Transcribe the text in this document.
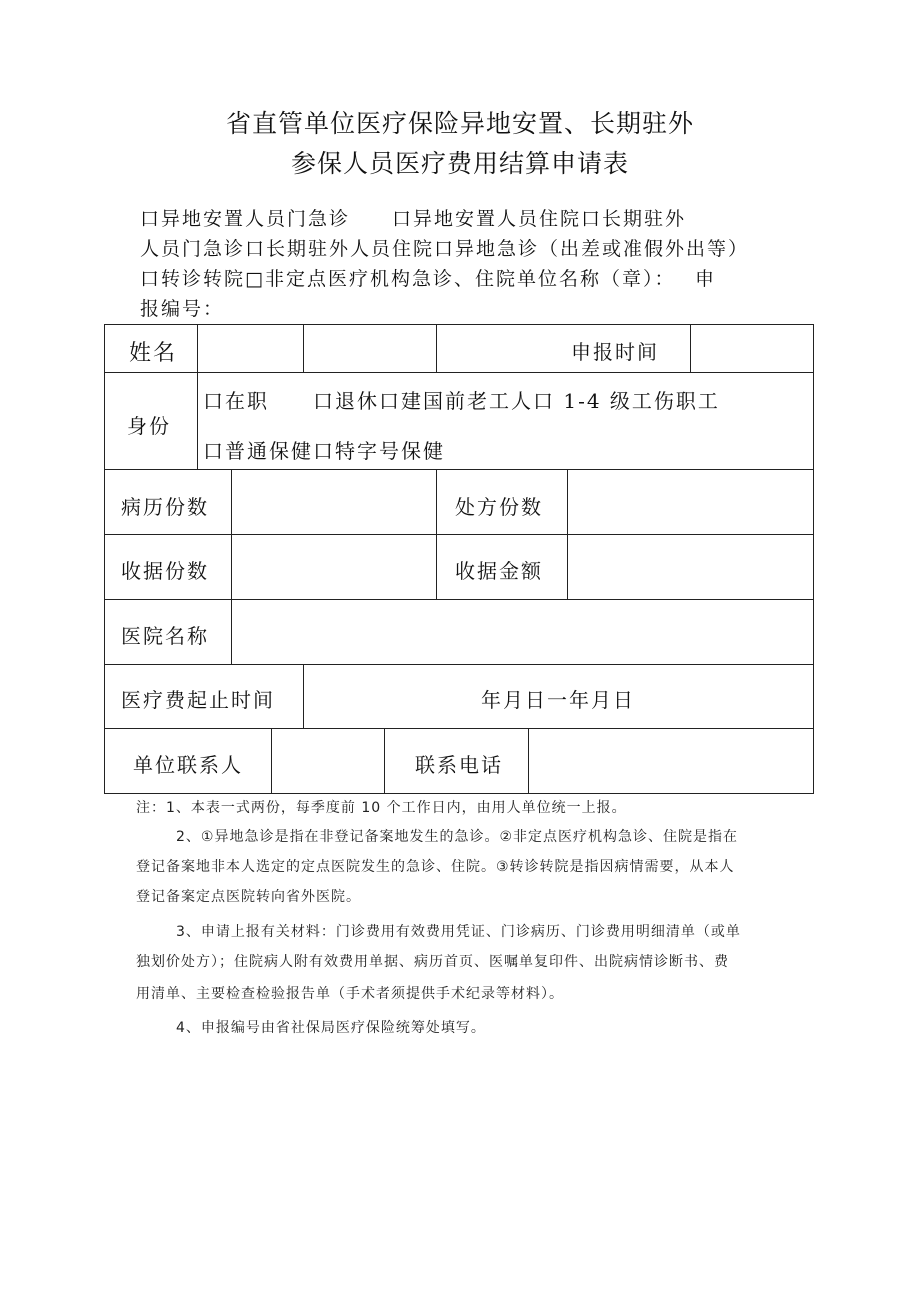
省直管单位医疗保险异地安置、长期驻外
参保人员医疗费用结算申请表
口异地安置人员门急诊　　口异地安置人员住院口长期驻外
人员门急诊口长期驻外人员住院口异地急诊（出差或准假外出等）
口转诊转院□非定点医疗机构急诊、住院单位名称（章）：　 申
报编号：
姓名	申报时间
身份
口在职　　口退休口建国前老工人口 1-4 级工伤职工
口普通保健口特字号保健
病历份数	处方份数
收据份数	收据金额
医院名称
医疗费起止时间	年月日一年月日
单位联系人	联系电话
注：1、本表一式两份，每季度前 10 个工作日内，由用人单位统一上报。
2、①异地急诊是指在非登记备案地发生的急诊。②非定点医疗机构急诊、住院是指在
登记备案地非本人选定的定点医院发生的急诊、住院。③转诊转院是指因病情需要，从本人
登记备案定点医院转向省外医院。
3、申请上报有关材料：门诊费用有效费用凭证、门诊病历、门诊费用明细清单（或单
独划价处方）；住院病人附有效费用单据、病历首页、医嘱单复印件、出院病情诊断书、费
用清单、主要检查检验报告单（手术者须提供手术纪录等材料）。
4、申报编号由省社保局医疗保险统筹处填写。
